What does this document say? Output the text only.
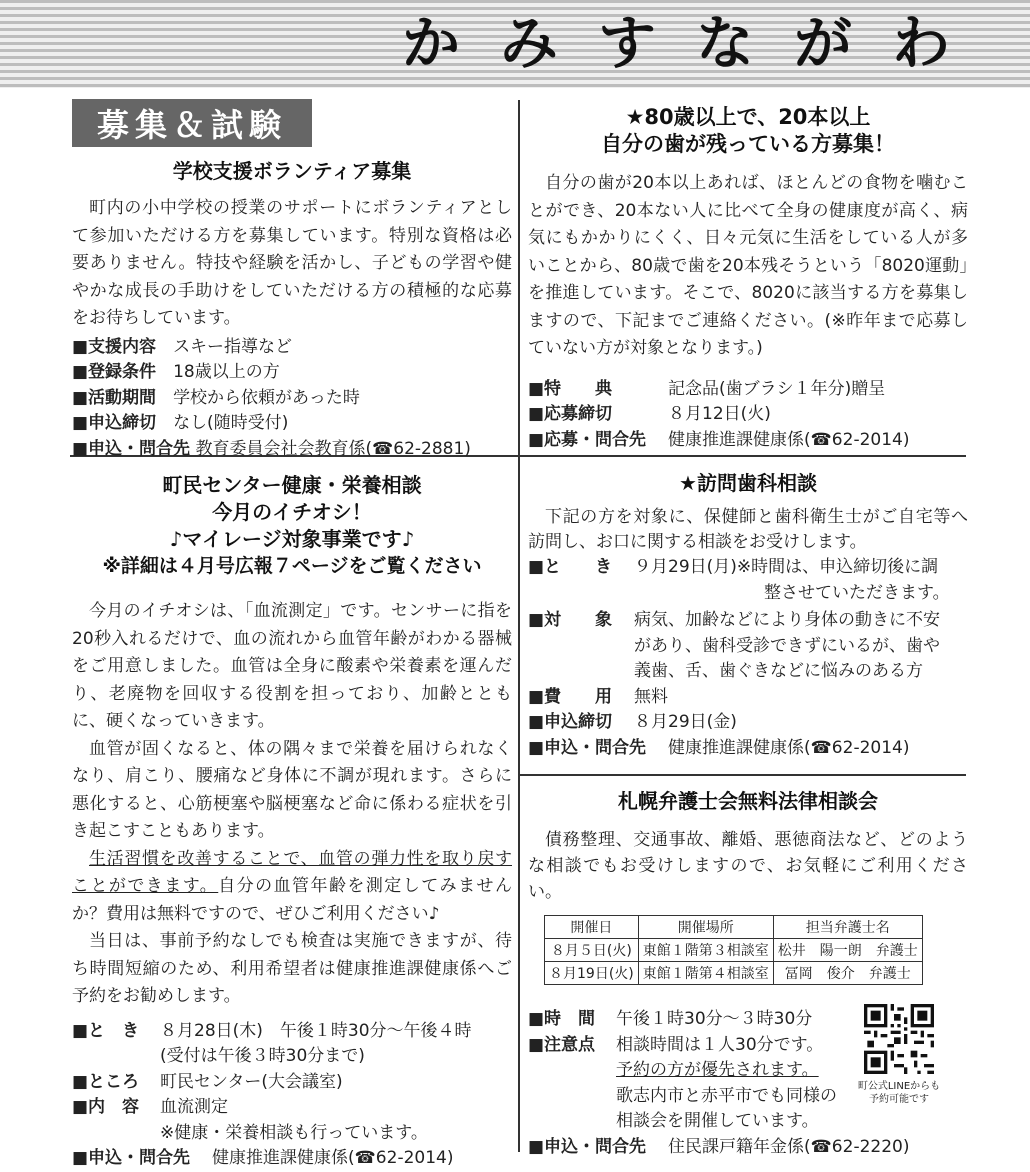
かみすながわ
募集＆試験
学校支援ボランティア募集

町内の小中学校の授業のサポートにボランティアとして参加いただける方を募集しています。特別な資格は必要ありません。特技や経験を活かし、子どもの学習や健やかな成長の手助けをしていただける方の積極的な応募をお待ちしています。

■支援内容　 スキー指導など
■登録条件　 18歳以上の方
■活動期間　 学校から依頼があった時
■申込締切　 なし(随時受付)
■申込・問合先 教育委員会社会教育係(☎62-2881)
★80歳以上で、20本以上
自分の歯が残っている方募集！

自分の歯が20本以上あれば、ほとんどの食物を噛むことができ、20本ない人に比べて全身の健康度が高く、病気にもかかりにくく、日々元気に生活をしている人が多いことから、80歳で歯を20本残そうという「8020運動」を推進しています。そこで、8020に該当する方を募集しますので、下記までご連絡ください。(※昨年まで応募していない方が対象となります。)

■特　　典	記念品(歯ブラシ１年分)贈呈
■応募締切	８月12日(火)
■応募・問合先 健康推進課健康係(☎62-2014)
町民センター健康・栄養相談
今月のイチオシ！
♪マイレージ対象事業です♪
※詳細は４月号広報７ページをご覧ください

今月のイチオシは、「血流測定」です。センサーに指を20秒入れるだけで、血の流れから血管年齢がわかる器械をご用意しました。血管は全身に酸素や栄養素を運んだり、老廃物を回収する役割を担っており、加齢とともに、硬くなっていきます。

血管が固くなると、体の隅々まで栄養を届けられなくなり、肩こり、腰痛など身体に不調が現れます。さらに悪化すると、心筋梗塞や脳梗塞など命に係わる症状を引き起こすこともあります。

生活習慣を改善することで、血管の弾力性を取り戻すことができます。自分の血管年齢を測定してみませんか？費用は無料ですので、ぜひご利用ください♪

当日は、事前予約なしでも検査は実施できますが、待ち時間短縮のため、利用希望者は健康推進課健康係へご予約をお勧めします。

■と　き ８月28日(木)　午後１時30分～午後４時
(受付は午後３時30分まで)
■ところ 町民センター(大会議室)
■内　容 血流測定
※健康・栄養相談も行っています。
■申込・問合先 健康推進課健康係(☎62-2014)
★訪問歯科相談

下記の方を対象に、保健師と歯科衛生士がご自宅等へ訪問し、お口に関する相談をお受けします。

■と　　き ９月29日(月)※時間は、申込締切後に調
整させていただきます。
■対　　象 病気、加齢などにより身体の動きに不安
があり、歯科受診できずにいるが、歯や
義歯、舌、歯ぐきなどに悩みのある方
■費　　用 無料
■申込締切 ８月29日(金)
■申込・問合先 健康推進課健康係(☎62-2014)
札幌弁護士会無料法律相談会

債務整理、交通事故、離婚、悪徳商法など、どのような相談でもお受けしますので、お気軽にご利用ください。

開催日	開催場所	担当弁護士名
８月５日(火)	東館１階第３相談室	松井　陽一朗　弁護士
８月19日(火)	東館１階第４相談室	冨岡　俊介　弁護士
■時　間 午後１時30分～３時30分
■注意点 相談時間は１人30分です。
予約の方が優先されます。
歌志内市と赤平市でも同様の
相談会を開催しています。
■申込・問合先 住民課戸籍年金係(☎62-2220)
町公式LINEからも
予約可能です
